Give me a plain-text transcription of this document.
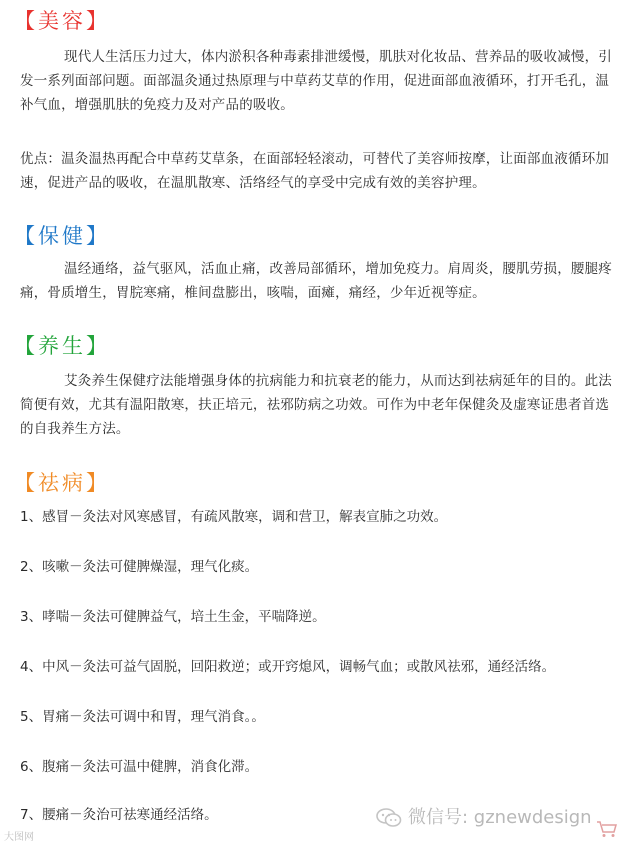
【美容】

现代人生活压力过大，体内淤积各种毒素排泄缓慢，肌肤对化妆品、营养品的吸收减慢，引发一系列面部问题。面部温灸通过热原理与中草药艾草的作用，促进面部血液循环，打开毛孔，温补气血，增强肌肤的免疫力及对产品的吸收。

优点：温灸温热再配合中草药艾草条，在面部轻轻滚动，可替代了美容师按摩，让面部血液循环加速，促进产品的吸收，在温肌散寒、活络经气的享受中完成有效的美容护理。

【保健】

温经通络，益气驱风，活血止痛，改善局部循环，增加免疫力。肩周炎，腰肌劳损，腰腿疼痛，骨质增生，胃脘寒痛，椎间盘膨出，咳喘，面瘫，痛经，少年近视等症。

【养生】

艾灸养生保健疗法能增强身体的抗病能力和抗衰老的能力，从而达到祛病延年的目的。此法简便有效，尤其有温阳散寒，扶正培元，祛邪防病之功效。可作为中老年保健灸及虚寒证患者首选的自我养生方法。

【祛病】
1、感冒－灸法对风寒感冒，有疏风散寒，调和营卫，解表宣肺之功效。
2、咳嗽－灸法可健脾燥湿，理气化痰。
3、哮喘－灸法可健脾益气，培土生金，平喘降逆。
4、中风－灸法可益气固脱，回阳救逆；或开窍熄风，调畅气血；或散风祛邪，通经活络。
5、胃痛－灸法可调中和胃，理气消食。。
6、腹痛－灸法可温中健脾，消食化滞。
7、腰痛－灸治可祛寒通经活络。	微信号: gznewdesign
大图网
